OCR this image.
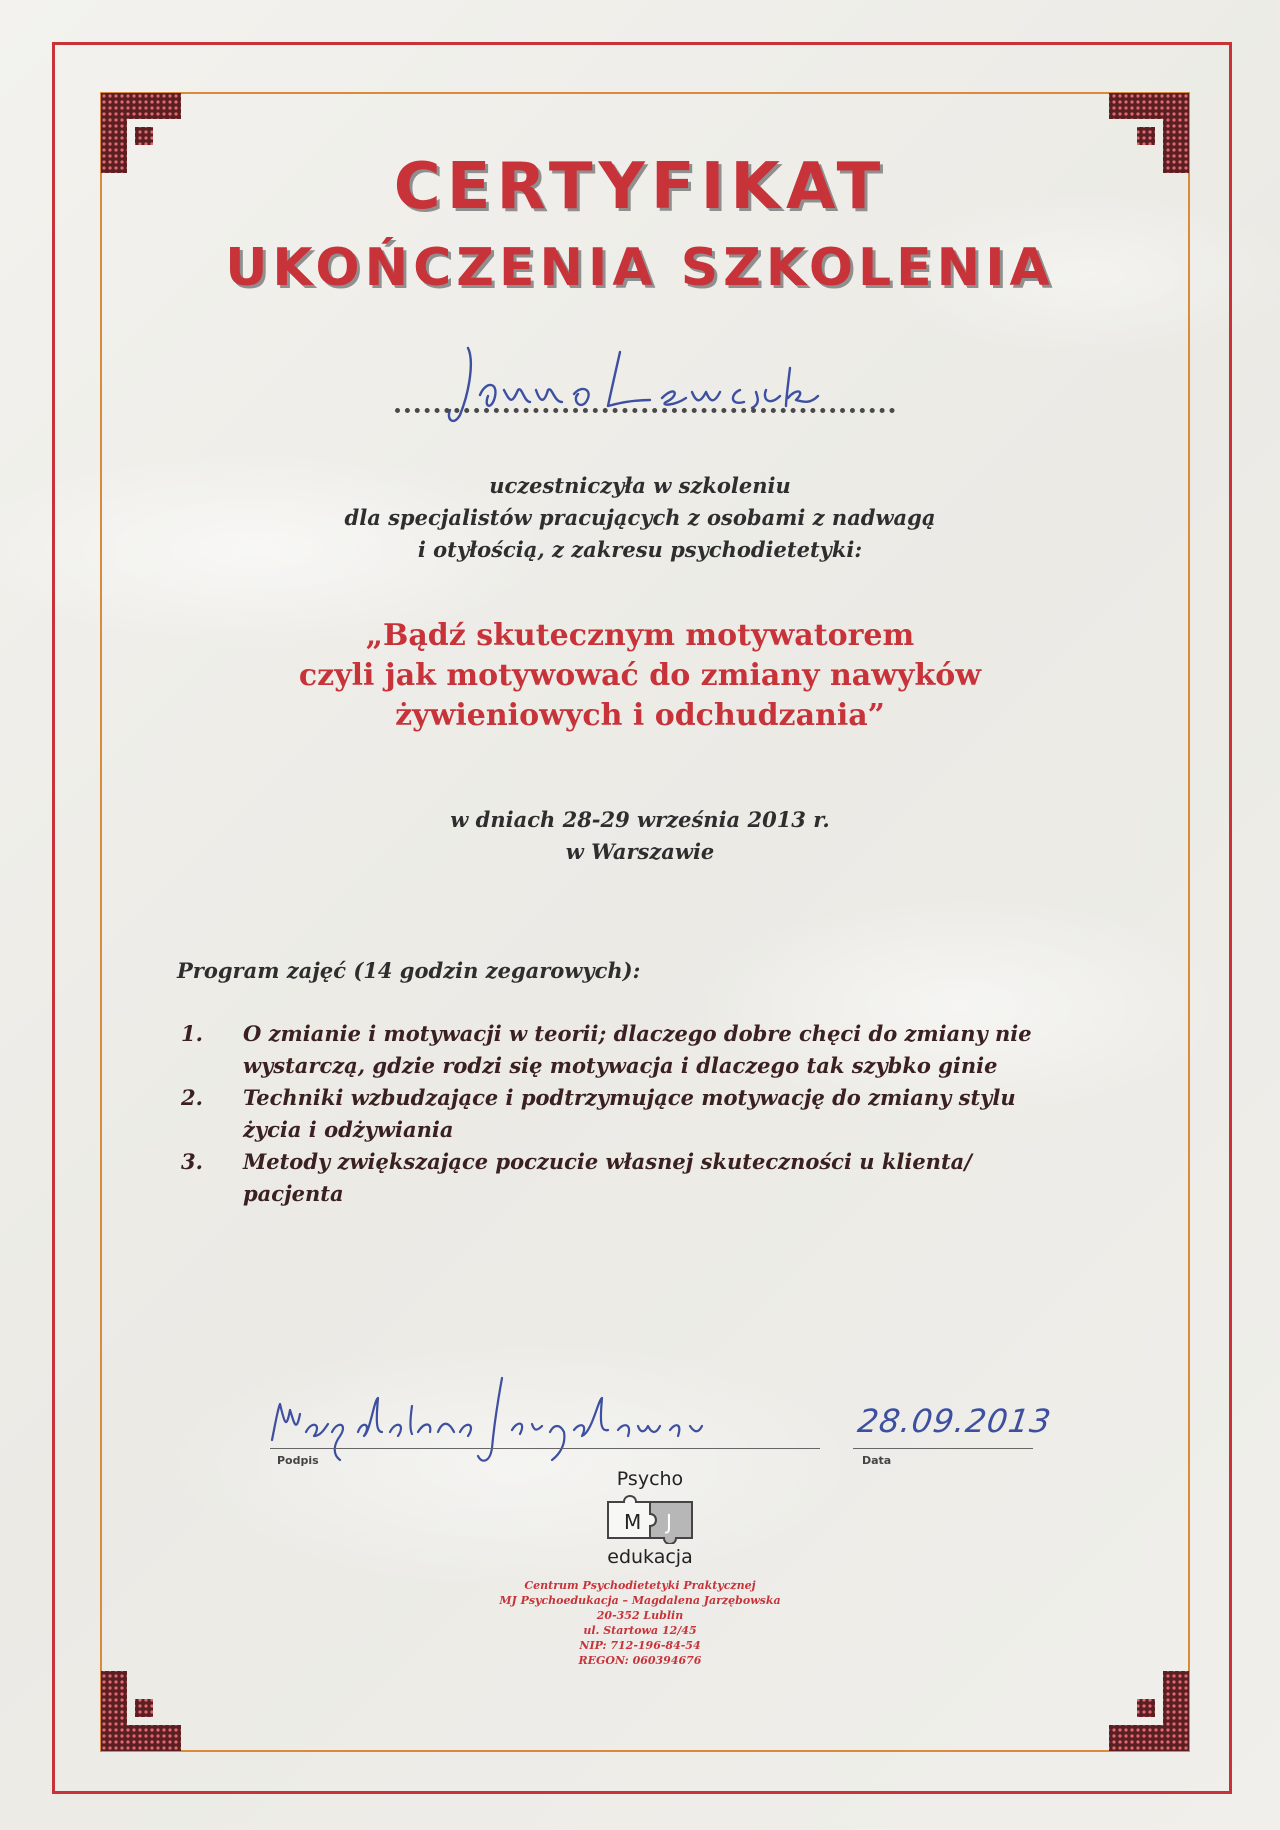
CERTYFIKAT
UKOŃCZENIA SZKOLENIA
uczestniczyła w szkoleniu
dla specjalistów pracujących z osobami z nadwagą
i otyłością, z zakresu psychodietetyki:
„Bądź skutecznym motywatorem
czyli jak motywować do zmiany nawyków
żywieniowych i odchudzania”
w dniach 28-29 września 2013 r.
w Warszawie
Program zajęć (14 godzin zegarowych):
1. O zmianie i motywacji w teorii; dlaczego dobre chęci do zmiany nie
wystarczą, gdzie rodzi się motywacja i dlaczego tak szybko ginie
2. Techniki wzbudzające i podtrzymujące motywację do zmiany stylu
życia i odżywiania
3. Metody zwiększające poczucie własnej skuteczności u klienta/
pacjenta
Podpis
28.09.2013
Data
Psycho
M J
edukacja
Centrum Psychodietetyki Praktycznej
MJ Psychoedukacja – Magdalena Jarzębowska
20-352 Lublin
ul. Startowa 12/45
NIP: 712-196-84-54
REGON: 060394676
